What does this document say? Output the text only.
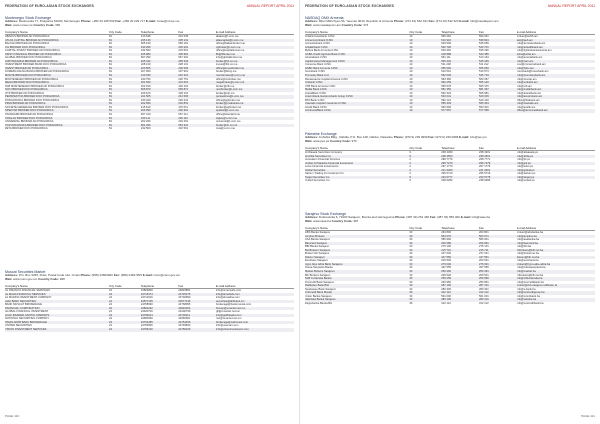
FEDERATION OF EURO-ASIAN STOCK EXCHANGES	ANNUAL REPORT APRIL 2011
Montenegro Stock Exchange
Address: Moskovska 77, Podgorica 81000, Montenegro Phone: +382 20 228 502 Fax: +382 20 229 717 E-mail: mnse@mnse.me
Web: www.mnse.me Country Code: 382
Company's Name	City Code	Telephone	Fax	E-mail Address
ABAKUS BROKER AD PODGORICA	81	210 648	210 649	abakus@t-com.me
ATLAS CAPITAL BROKER AD PODGORICA	81	235 130	235 131	atlascapital@t-com.me
BALKAN BROKER AD PODGORICA	81	665 190	665 191	office@balkanbroker.me
CG BROKER DOO PODGORICA	81	230 290	230 291	cgbroker@t-com.me
CAPITAL INVEST BROKER AD PODGORICA	81	234 560	234 561	office@capitalinvest.me
FIRST FINANCIAL BROKER AD PODGORICA	81	405 980	405 981	ffb@ffbroker.me
GLOBAL BROKER DOO PODGORICA	81	667 290	667 291	info@globalbroker.me
HIPOTEKARNA BROKER AD PODGORICA	81	405 342	405 343	broker@hb.co.me
INVESTMENT BROKER BANK DOO PODGORICA	81	228 130	228 131	invest@ibb.co.me
INVEST BROKER AD PODGORICA	81	200 505	200 506	office@investbroker.me
KOMERCIJALNA BANKA BROKER AD PODGORICA	81	407 900	407 901	broker@kbcg.me
MONTE BROKER DOO PODGORICA	81	210 330	210 331	montebroker@t-com.me
MONTENEGRO BROKER AD PODGORICA	81	230 750	230 751	office@mnbroker.me
MEGA BROKER DOO PODGORICA	81	201 660	201 661	megabroker@t-com.me
NLB MONTENEGRO BROKER AD PODGORICA	81	402 190	402 191	broker@nlb.me
NOVI BROKER DOO PODGORICA	81	665 870	665 871	novibroker@t-com.me
OTP BROKER AD PODGORICA	81	409 100	409 101	broker@otp.me
PERSPEKTIVA BROKER DOO PODGORICA	81	241 505	241 506	perspektiva@t-com.me
PODGORICKA BROKER DOO PODGORICA	81	230 440	230 441	office@pgbroker.me
PRVA BROKER AD PODGORICA	81	202 830	202 831	broker@prvabanka.me
SOCIETE GENERALE BROKER DOO PODGORICA	81	415 610	415 611	broker@sgbroker.me
SPEKTAR BROKER DOO PODGORICA	81	206 390	206 391	spektar@t-com.me
STANDARD BROKER AD PODGORICA	81	667 410	667 411	office@standard.me
TRIGLAV BROKER DOO PODGORICA	81	230 111	230 112	triglav@t-com.me
UNIVERZAL BROKER AD PODGORICA	81	202 290	202 291	univerzal@t-com.me
VOJVODJANSKA BROKER DOO PODGORICA	81	664 330	664 331	broker@vb.co.me
ZETA BROKER DOO PODGORICA	81	232 500	232 501	zeta@t-com.me
Muscat Securities Market
Address: P.O. Box 3265, Ruwi, Postal Code 112, Oman Phone: (968) 24823600 Fax: (968) 24817205 E-mail: msm@msm.gov.om
Web: www.msm.gov.om Country Code: 968
Company's Name	City Code	Telephone	Fax	E-mail Address
AL OMANIYA FINANCIAL SERVICES	24	24823800	24823801	info@omaniyafs.com
AL MAHA FINANCIAL SERVICES	24	24715474	24715475	info@almahafs.com
AL MADINA INVESTMENT COMPANY	24	24711919	24702690	info@almadina.com
AHLI BANK SECURITIES	24	24577135	24577136	securities@ahlibank.om
BANK MUSCAT BROKERAGE	24	24768990	24768995	brokerage@bankmuscat.com
FINANCIAL CORPORATION	24	24822222	24822224	fincorp@omantel.net.om
GLOBAL FINANCIAL INVESTMENT	24	24400700	24400799	gfi@omantel.net.om
GULF BAADER CAPITAL MARKETS	24	24790614	24702111	info@gulfbaader.com
NATIONAL SECURITIES COMPANY	24	24660660	24660661	nsc@omantel.net.om
OMAN ARAB BANK BROKERAGE	24	24754455	24754456	brokerage@oabinvest.com
UNITED SECURITIES	24	24763800	24793833	info@usoman.com
VISION INVESTMENT SERVICES	24	24766100	24766109	info@visioninvestment.com
PAGE 110
FEDERATION OF EURO-ASIAN STOCK EXCHANGES	ANNUAL REPORT APRIL 2011
NASDAQ OMX Armenia
Address: Mher Mkrtchyan 5b, Yerevan 0010, Republic of Armenia Phone: (374 10) 542 321 Fax: (374 10) 542 324 E-mail: info@nasdaqomx.am
Web: www.nasdaqomx.am Country Code: 374
Company's Name	City Code	Telephone	Fax	E-mail Address
Ardshininvestbank CJSC	10	590 262	590 261	broker@ashib.am
Armeconombank OJSC	10	510 910	538 904	aeb@aeb.am
Armswissbank CJSC	10	529 593	545 065	info@armswissbank.am
Artsakhbank CJSC	10	540 700	540 701	info@artsakhbank.am
Byblos Bank Armenia CJSC	10	530 362	535 296	info@byblosbankarmenia.am
ACBA-Credit Agricole Bank CJSC	10	318 888	543 485	acba@acba.am
Ameriabank CJSC	10	561 111	513 133	info@ameriabank.am
Capital Asset Management CJSC	10	545 434	545 435	info@cam.am
Converse Bank CJSC	10	511 200	511 212	post@conversebank.am
HSBC Bank Armenia CJSC	10	655 000	655 050	info@hsbc.am
Inecobank CJSC	10	510 510	510 573	inecobank@inecobank.am
Prometey Bank LLC	10	562 036	545 719	info@prometeybank.am
Renaissance Capital Armenia CJSC	10	563 366	563 367	info@rencap.am
Unibank CJSC	10	592 259	555 140	info@unibank.am
VTB Bank Armenia CJSC	10	565 578	565 476	info@vtb.am
Mellat Bank CJSC	10	581 356	581 357	info@mellatbank.am
AraratBank OJSC	10	592 323	565 981	info@araratbank.am
Areximbank-Gazprombank Group CJSC	10	540 041	540 009	info@areximbank.am
BTA Bank CJSC	10	592 121	543 120	office@btabank.am
Cascade Capital Investment CJSC	10	565 303	565 304	info@cascade.am
Anelik Bank CJSC	10	593 300	593 301	info@anelik.am
ArmInvestBank CJSC	10	577 557	577 558	office@arminvestbank.am
Palestine Exchange
Address: Al Zahra Bldg., Rafidia, P.O. Box 128, Nablus, Palestine Phone: (970 9) 239 0999 Fax: (970 9) 239 0998 E-mail: info@pex.ps
Web: www.pex.ps Country Code: 970
Company's Name	City Code	Telephone	Fax	E-mail Address
Al-Wasata Securities Company	9	238 4300	238 4301	info@alwasata.ps
Al-Ahlia Securities Co.	9	238 4500	238 4501	info@ahlia.ps
Jerusalem Financial Services	2	298 7770	298 7771	info@jfs.ps
Jordan & Palestine Financial Investment	2	296 7270	296 7279	info@jpfi.ps
Lotus Financial Investments	2	297 1770	297 1779	info@lotus.ps
Global Securities	2	241 3300	241 3301	info@global.ps
Sahem Trading & Investment Co.	2	296 5710	296 5719	info@sahem.ps
Target Securities Co.	9	233 6777	233 6778	info@target.ps
United Securities Co.	9	238 6282	238 6289	info@united.ps
Sarajevo Stock Exchange
Address: Dubrovacka 6, 71000 Sarajevo, Bosnia and Herzegovina Phone: (387 33) 251 460 Fax: (387 33) 559 460 E-mail: info@sase.ba
Web: www.sase.ba Country Code: 387
Company's Name	City Code	Telephone	Fax	E-mail Address
ABS Banka Sarajevo	33	263 800	263 801	brokeri@absbanka.ba
Amplius Brokers	33	563 070	563 071	info@amplius.ba
ASA Banka Sarajevo	33	586 900	586 901	info@asabanka.ba
Bamcard Sarajevo	33	200 080	200 081	info@bamcard.ba
BBI Banka Sarajevo	33	275 100	275 101	info@bbi.ba
BH Brokers Sarajevo	33	215 710	215 711	bhbrokers@bih.net.ba
Broker Net Sarajevo	33	237 040	237 041	info@brokernet.ba
Dekom Sarajevo	33	447 550	447 551	dekom@bih.net.ba
Eurohaus Sarajevo	33	203 530	203 531	info@eurohaus.ba
Hypo Alpe Adria Bank Sarajevo	33	276 000	276 001	brokeri@hypo-alpe-adria.ba
Intesa Sanpaolo Banka	33	497 555	497 556	info@intesasanpaolo.ba
Market Brokers Sarajevo	33	250 460	250 461	info@market.ba
MF Brokers Sarajevo	33	209 520	209 521	mfbrokers@bih.net.ba
NLB Tuzlanska Banka	35	259 259	250 596	info@nlbtuzlanska.ba
Procredit Bank Sarajevo	33	250 950	250 951	info@procreditbank.ba
Raiffeisen Bank BiH	33	287 100	287 101	brokeri@rbb-sarajevo.raiffeisen.at
Sparkasse Bank Sarajevo	33	280 300	280 301	info@s-bank.ba
UniCredit Bank Mostar	36	312 112	312 113	info@unicreditgroup.ba
Union Banka Sarajevo	33	561 000	561 001	info@unionbank.ba
Vakufska Banka Sarajevo	33	280 100	280 101	info@vakuba.ba
Zagrebacka Banka BH	36	312 112	312 113	info@unicreditbank.ba
PAGE 111
